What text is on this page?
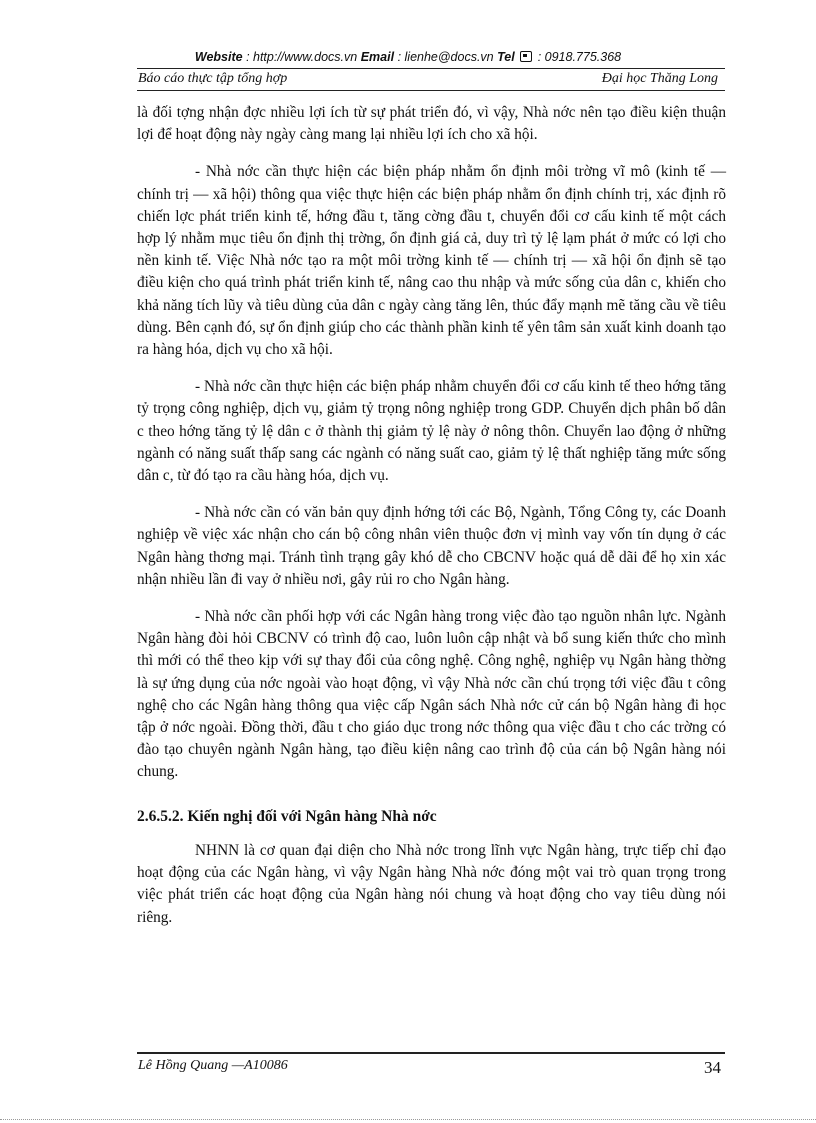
Website : http://www.docs.vn Email : lienhe@docs.vn Tel : 0918.775.368
Báo cáo thực tập tổng hợp	Đại học Thăng Long

là đối tợng nhận đợc nhiều lợi ích từ sự phát triển đó, vì vậy, Nhà nớc nên tạo điều kiện thuận lợi để hoạt động này ngày càng mang lại nhiều lợi ích cho xã hội.

- Nhà nớc cần thực hiện các biện pháp nhằm ổn định môi trờng vĩ mô (kinh tế — chính trị — xã hội) thông qua việc thực hiện các biện pháp nhằm ổn định chính trị, xác định rõ chiến lợc phát triển kinh tế, hớng đầu t, tăng cờng đầu t, chuyển đổi cơ cấu kinh tế một cách hợp lý nhằm mục tiêu ổn định thị trờng, ổn định giá cả, duy trì tỷ lệ lạm phát ở mức có lợi cho nền kinh tế. Việc Nhà nớc tạo ra một môi trờng kinh tế — chính trị — xã hội ổn định sẽ tạo điều kiện cho quá trình phát triển kinh tế, nâng cao thu nhập và mức sống của dân c, khiến cho khả năng tích lũy và tiêu dùng của dân c ngày càng tăng lên, thúc đẩy mạnh mẽ tăng cầu về tiêu dùng. Bên cạnh đó, sự ổn định giúp cho các thành phần kinh tế yên tâm sản xuất kinh doanh tạo ra hàng hóa, dịch vụ cho xã hội.

- Nhà nớc cần thực hiện các biện pháp nhằm chuyển đổi cơ cấu kinh tế theo hớng tăng tỷ trọng công nghiệp, dịch vụ, giảm tỷ trọng nông nghiệp trong GDP. Chuyển dịch phân bố dân c theo hớng tăng tỷ lệ dân c ở thành thị giảm tỷ lệ này ở nông thôn. Chuyển lao động ở những ngành có năng suất thấp sang các ngành có năng suất cao, giảm tỷ lệ thất nghiệp tăng mức sống dân c, từ đó tạo ra cầu hàng hóa, dịch vụ.

- Nhà nớc cần có văn bản quy định hớng tới các Bộ, Ngành, Tổng Công ty, các Doanh nghiệp về việc xác nhận cho cán bộ công nhân viên thuộc đơn vị mình vay vốn tín dụng ở các Ngân hàng thơng mại. Tránh tình trạng gây khó dễ cho CBCNV hoặc quá dễ dãi để họ xin xác nhận nhiều lần đi vay ở nhiều nơi, gây rủi ro cho Ngân hàng.

- Nhà nớc cần phối hợp với các Ngân hàng trong việc đào tạo nguồn nhân lực. Ngành Ngân hàng đòi hỏi CBCNV có trình độ cao, luôn luôn cập nhật và bổ sung kiến thức cho mình thì mới có thể theo kịp với sự thay đổi của công nghệ. Công nghệ, nghiệp vụ Ngân hàng thờng là sự ứng dụng của nớc ngoài vào hoạt động, vì vậy Nhà nớc cần chú trọng tới việc đầu t công nghệ cho các Ngân hàng thông qua việc cấp Ngân sách Nhà nớc cử cán bộ Ngân hàng đi học tập ở nớc ngoài. Đồng thời, đầu t cho giáo dục trong nớc thông qua việc đầu t cho các trờng có đào tạo chuyên ngành Ngân hàng, tạo điều kiện nâng cao trình độ của cán bộ Ngân hàng nói chung.

2.6.5.2. Kiến nghị đối với Ngân hàng Nhà nớc

NHNN là cơ quan đại diện cho Nhà nớc trong lĩnh vực Ngân hàng, trực tiếp chỉ đạo hoạt động của các Ngân hàng, vì vậy Ngân hàng Nhà nớc đóng một vai trò quan trọng trong việc phát triển các hoạt động của Ngân hàng nói chung và hoạt động cho vay tiêu dùng nói riêng.

Lê Hồng Quang —A10086	34
